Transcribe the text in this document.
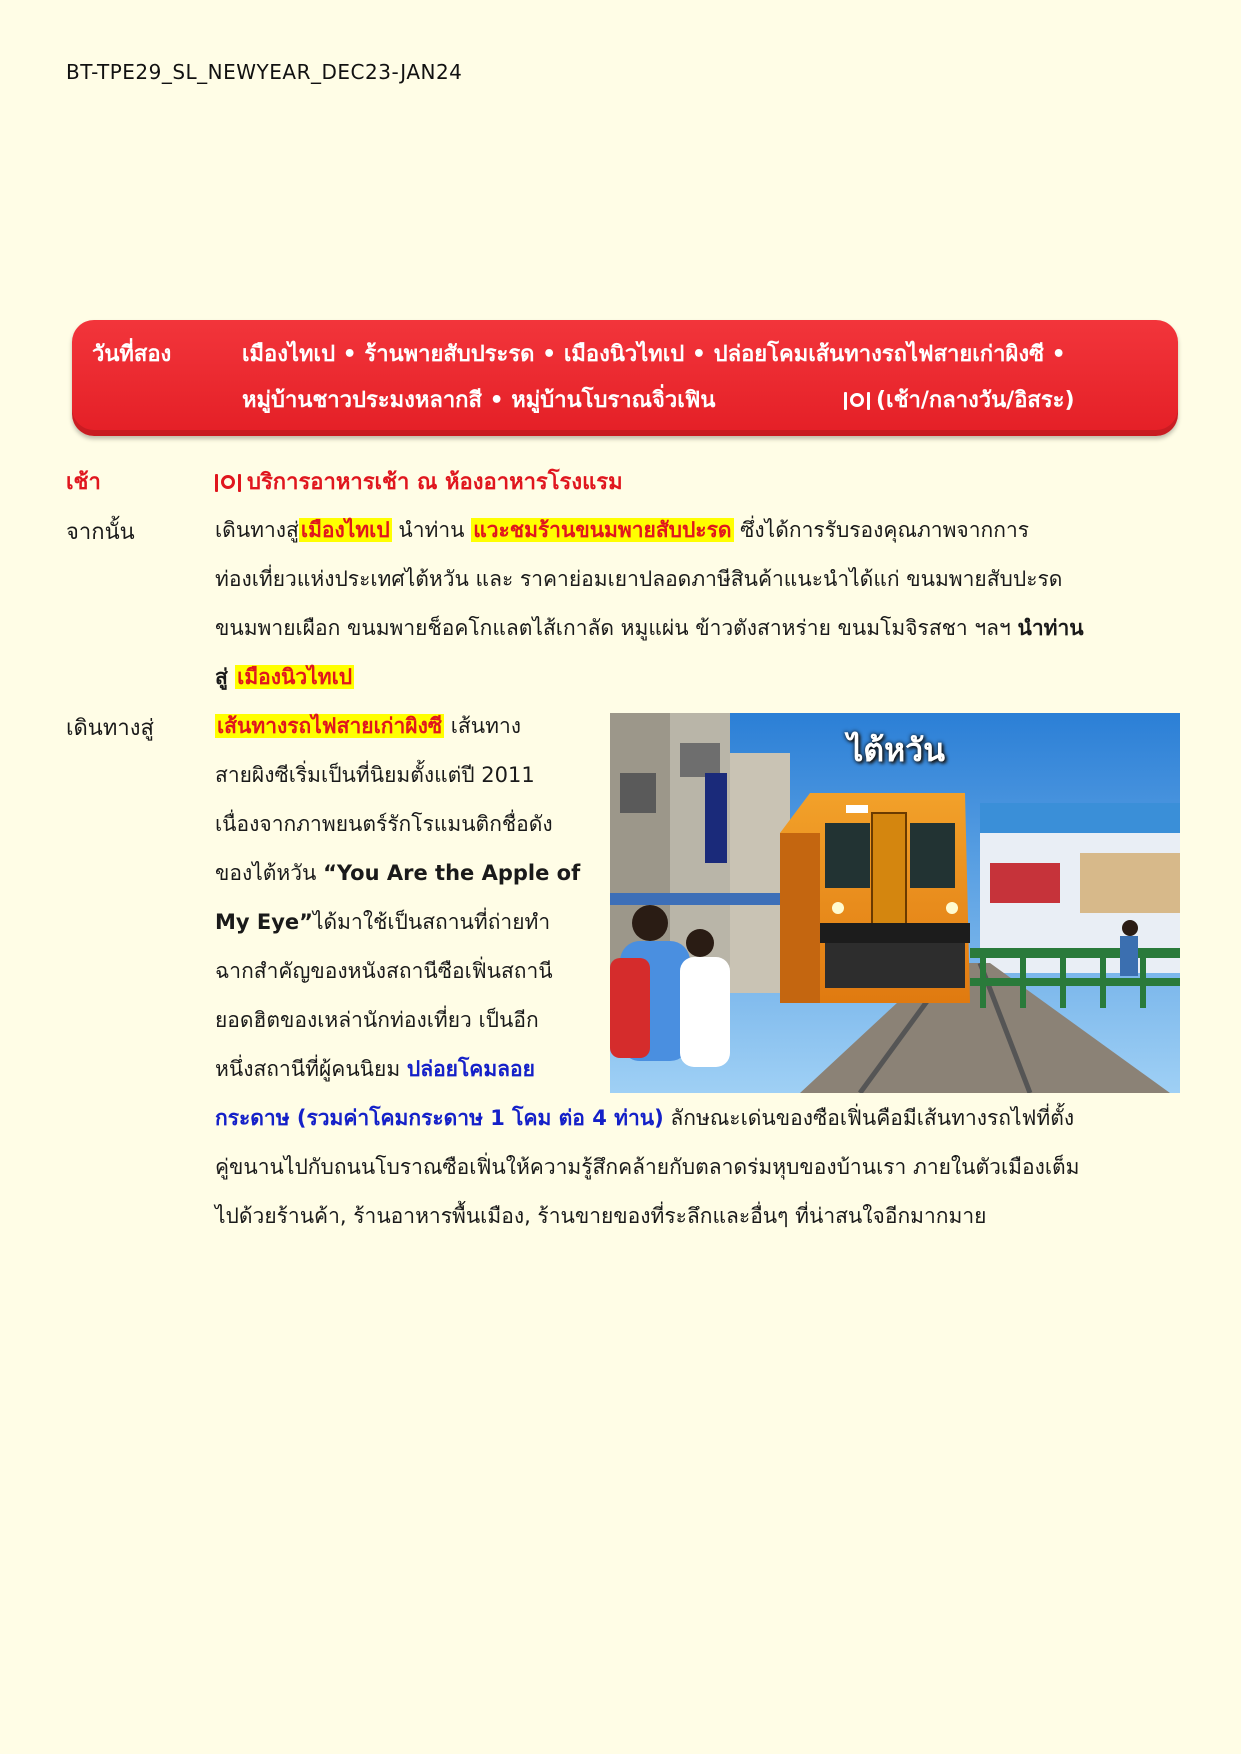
BT-TPE29_SL_NEWYEAR_DEC23-JAN24
วันที่สอง	เมืองไทเป • ร้านพายสับประรด • เมืองนิวไทเป • ปล่อยโคมเส้นทางรถไฟสายเก่าผิงซี •
หมู่บ้านชาวประมงหลากสี • หมู่บ้านโบราณจิ่วเฟิน	(เช้า/กลางวัน/อิสระ)
เช้า	บริการอาหารเช้า ณ ห้องอาหารโรงแรม
จากนั้น	เดินทางสู่เมืองไทเป นำท่าน แวะชมร้านขนมพายสับปะรด ซึ่งได้การรับรองคุณภาพจากการ
ท่องเที่ยวแห่งประเทศไต้หวัน และ ราคาย่อมเยาปลอดภาษีสินค้าแนะนำได้แก่ ขนมพายสับปะรด
ขนมพายเผือก ขนมพายช็อคโกแลตไส้เกาลัด หมูแผ่น ข้าวตังสาหร่าย ขนมโมจิรสชา ฯลฯ นำท่าน
สู่ เมืองนิวไทเป
เดินทางสู่	เส้นทางรถไฟสายเก่าผิงซี เส้นทาง
สายผิงซีเริ่มเป็นที่นิยมตั้งแต่ปี 2011
เนื่องจากภาพยนตร์รักโรแมนติกชื่อดัง
ของไต้หวัน “You Are the Apple of
My Eye”ได้มาใช้เป็นสถานที่ถ่ายทำ
ฉากสำคัญของหนังสถานีซือเฟิ่นสถานี
ยอดฮิตของเหล่านักท่องเที่ยว เป็นอีก
หนึ่งสถานีที่ผู้คนนิยม ปล่อยโคมลอย
กระดาษ (รวมค่าโคมกระดาษ 1 โคม ต่อ 4 ท่าน) ลักษณะเด่นของซือเฟิ่นคือมีเส้นทางรถไฟที่ตั้ง
คู่ขนานไปกับถนนโบราณซือเฟิ่นให้ความรู้สึกคล้ายกับตลาดร่มหุบของบ้านเรา ภายในตัวเมืองเต็ม
ไปด้วยร้านค้า, ร้านอาหารพื้นเมือง, ร้านขายของที่ระลึกและอื่นๆ ที่น่าสนใจอีกมากมาย
ไต้หวัน
